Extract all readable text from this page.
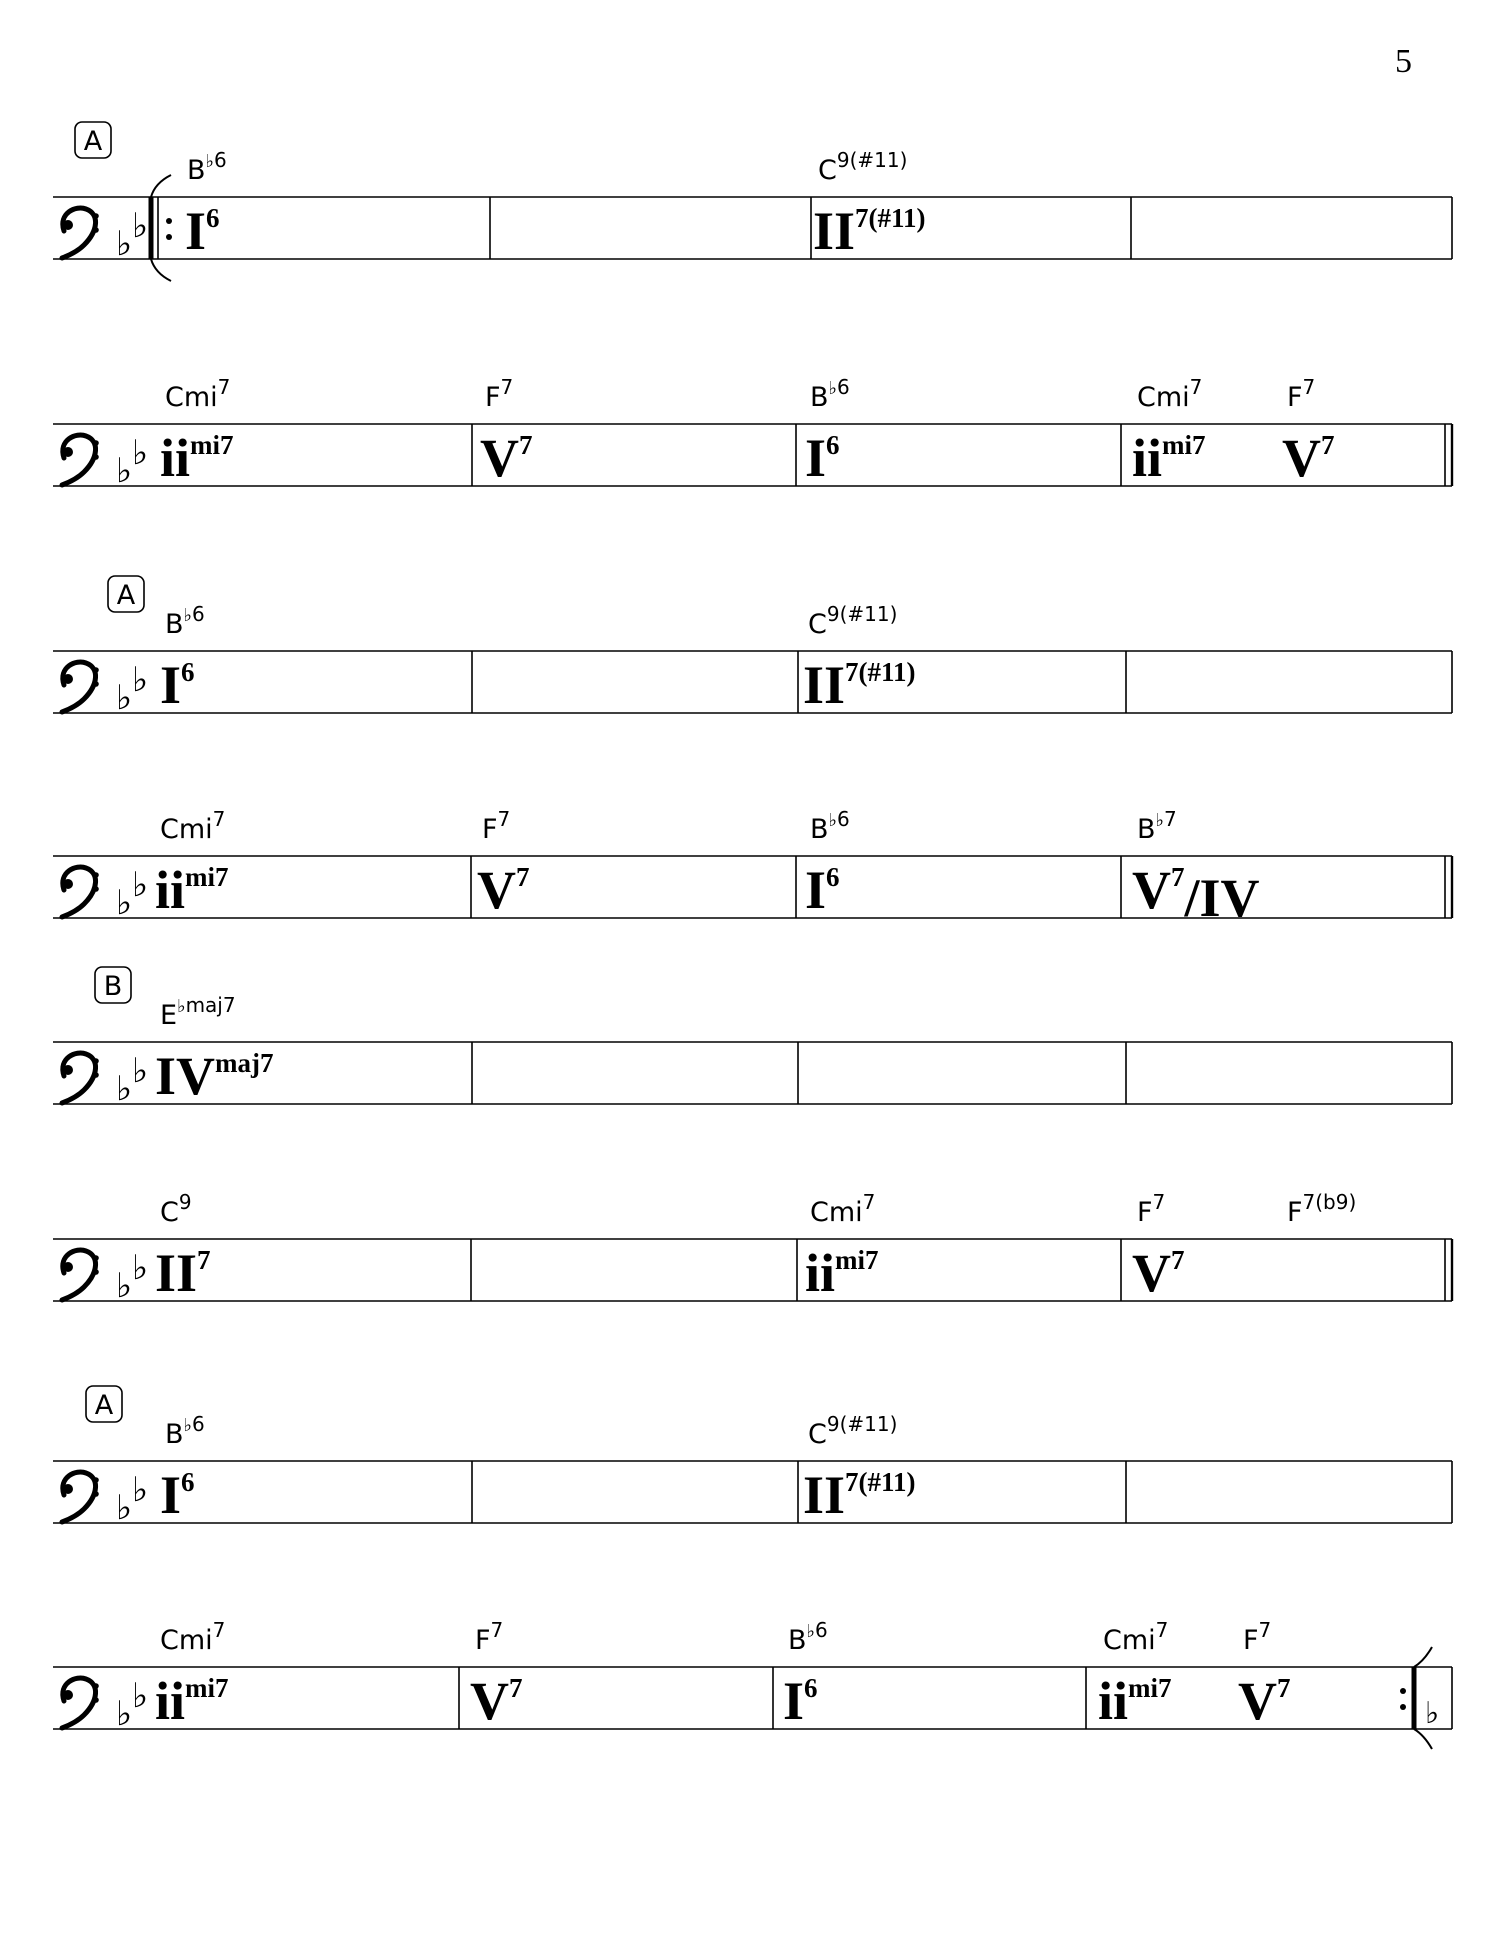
5
♭ ♭
A
B♭6
$I^6$
$C^{9(\#11)}$
$II^{7(\#11)}$
♭ ♭
Cmi$^7$
$ii^{mi7}$
$F^7$
$V^7$
B♭6
$I^6$
Cmi$^7$
$ii^{mi7}$
$F^7$
$V^7$
♭ ♭
A
B♭6
$I^6$
$C^{9(\#11)}$
$II^{7(\#11)}$
♭ ♭
Cmi$^7$
$ii^{mi7}$
$F^7$
$V^7$
B♭6
$I^6$
B♭7
$V^7/IV$
♭ ♭
B
E♭maj7
$IV^{maj7}$
♭ ♭
$C^9$
$II^7$
Cmi$^7$
$ii^{mi7}$
$F^7$
$V^7$
$F^{7(b9)}$
♭ ♭
A
B♭6
$I^6$
$C^{9(\#11)}$
$II^{7(\#11)}$
♭ ♭	♭
Cmi$^7$
$ii^{mi7}$
$F^7$
$V^7$
B♭6
$I^6$
Cmi$^7$
$ii^{mi7}$
$F^7$
$V^7$
